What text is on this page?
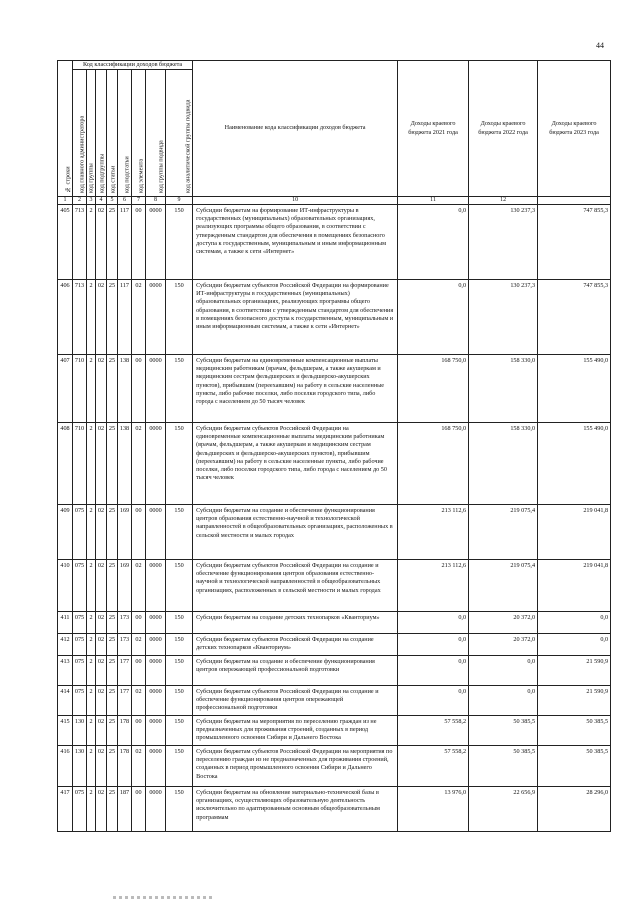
44
№ строки	Код классификации доходов бюджета								Наименование кода классификации доходов бюджета	Доходы краевого бюджета 2021 года	Доходы краевого бюджета 2022 года	Доходы краевого бюджета 2023 года
	код главного администратора	код группы	код подгруппы	код статьи	код подстатьи	код элемента	код группы подвида	код аналитической группы подвида				
1	2	3	4	5	6	7	8	9	10	11	12	
405	713	2	02	25	117	00	0000	150	Субсидии бюджетам на формирование ИТ-инфраструктуры в государственных (муниципальных) образовательных организациях, реализующих программы общего образования, в соответствии с утвержденным стандартом для обеспечения в помещениях безопасного доступа к государственным, муниципальным и иным информационным системам, а также к сети «Интернет»	0,0	130 237,3	747 855,3
406	713	2	02	25	117	02	0000	150	Субсидии бюджетам субъектов Российской Федерации на формирование ИТ-инфраструктуры в государственных (муниципальных) образовательных организациях, реализующих программы общего образования, в соответствии с утвержденным стандартом для обеспечения в помещениях безопасного доступа к государственным, муниципальным и иным информационным системам, а также к сети «Интернет»	0,0	130 237,3	747 855,3
407	710	2	02	25	138	00	0000	150	Субсидии бюджетам на единовременные компенсационные выплаты медицинским работникам (врачам, фельдшерам, а также акушеркам и медицинским сестрам фельдшерских и фельдшерско-акушерских пунктов), прибывшим (переехавшим) на работу в сельские населенные пункты, либо рабочие поселки, либо поселки городского типа, либо города с населением до 50 тысяч человек	168 750,0	158 330,0	155 490,0
408	710	2	02	25	138	02	0000	150	Субсидии бюджетам субъектов Российской Федерации на единовременные компенсационные выплаты медицинским работникам (врачам, фельдшерам, а также акушеркам и медицинским сестрам фельдшерских и фельдшерско-акушерских пунктов), прибывшим (переехавшим) на работу в сельские населенные пункты, либо рабочие поселки, либо поселки городского типа, либо города с населением до 50 тысяч человек	168 750,0	158 330,0	155 490,0
409	075	2	02	25	169	00	0000	150	Субсидии бюджетам на создание и обеспечение функционирования центров образования естественно-научной и технологической направленностей в общеобразовательных организациях, расположенных в сельской местности и малых городах	213 112,6	219 075,4	219 041,8
410	075	2	02	25	169	02	0000	150	Субсидии бюджетам субъектов Российской Федерации на создание и обеспечение функционирования центров образования естественно-научной и технологической направленностей в общеобразовательных организациях, расположенных в сельской местности и малых городах	213 112,6	219 075,4	219 041,8
411	075	2	02	25	173	00	0000	150	Субсидии бюджетам на создание детских технопарков «Кванториум»	0,0	20 372,0	0,0
412	075	2	02	25	173	02	0000	150	Субсидии бюджетам субъектов Российской Федерации на создание детских технопарков «Кванториум»	0,0	20 372,0	0,0
413	075	2	02	25	177	00	0000	150	Субсидии бюджетам на создание и обеспечение функционирования центров опережающей профессиональной подготовки	0,0	0,0	21 590,9
414	075	2	02	25	177	02	0000	150	Субсидии бюджетам субъектов Российской Федерации на создание и обеспечение функционирования центров опережающей профессиональной подготовки	0,0	0,0	21 590,9
415	130	2	02	25	178	00	0000	150	Субсидии бюджетам на мероприятия по переселению граждан из не предназначенных для проживания строений, созданных в период промышленного освоения Сибири и Дальнего Востока	57 558,2	50 385,5	50 385,5
416	130	2	02	25	178	02	0000	150	Субсидии бюджетам субъектов Российской Федерации на мероприятия по переселению граждан из не предназначенных для проживания строений, созданных в период промышленного освоения Сибири и Дальнего Востока	57 558,2	50 385,5	50 385,5
417	075	2	02	25	187	00	0000	150	Субсидии бюджетам на обновление материально-технической базы в организациях, осуществляющих образовательную деятельность исключительно по адаптированным основным общеобразовательным программам	13 976,0	22 656,9	28 296,0
